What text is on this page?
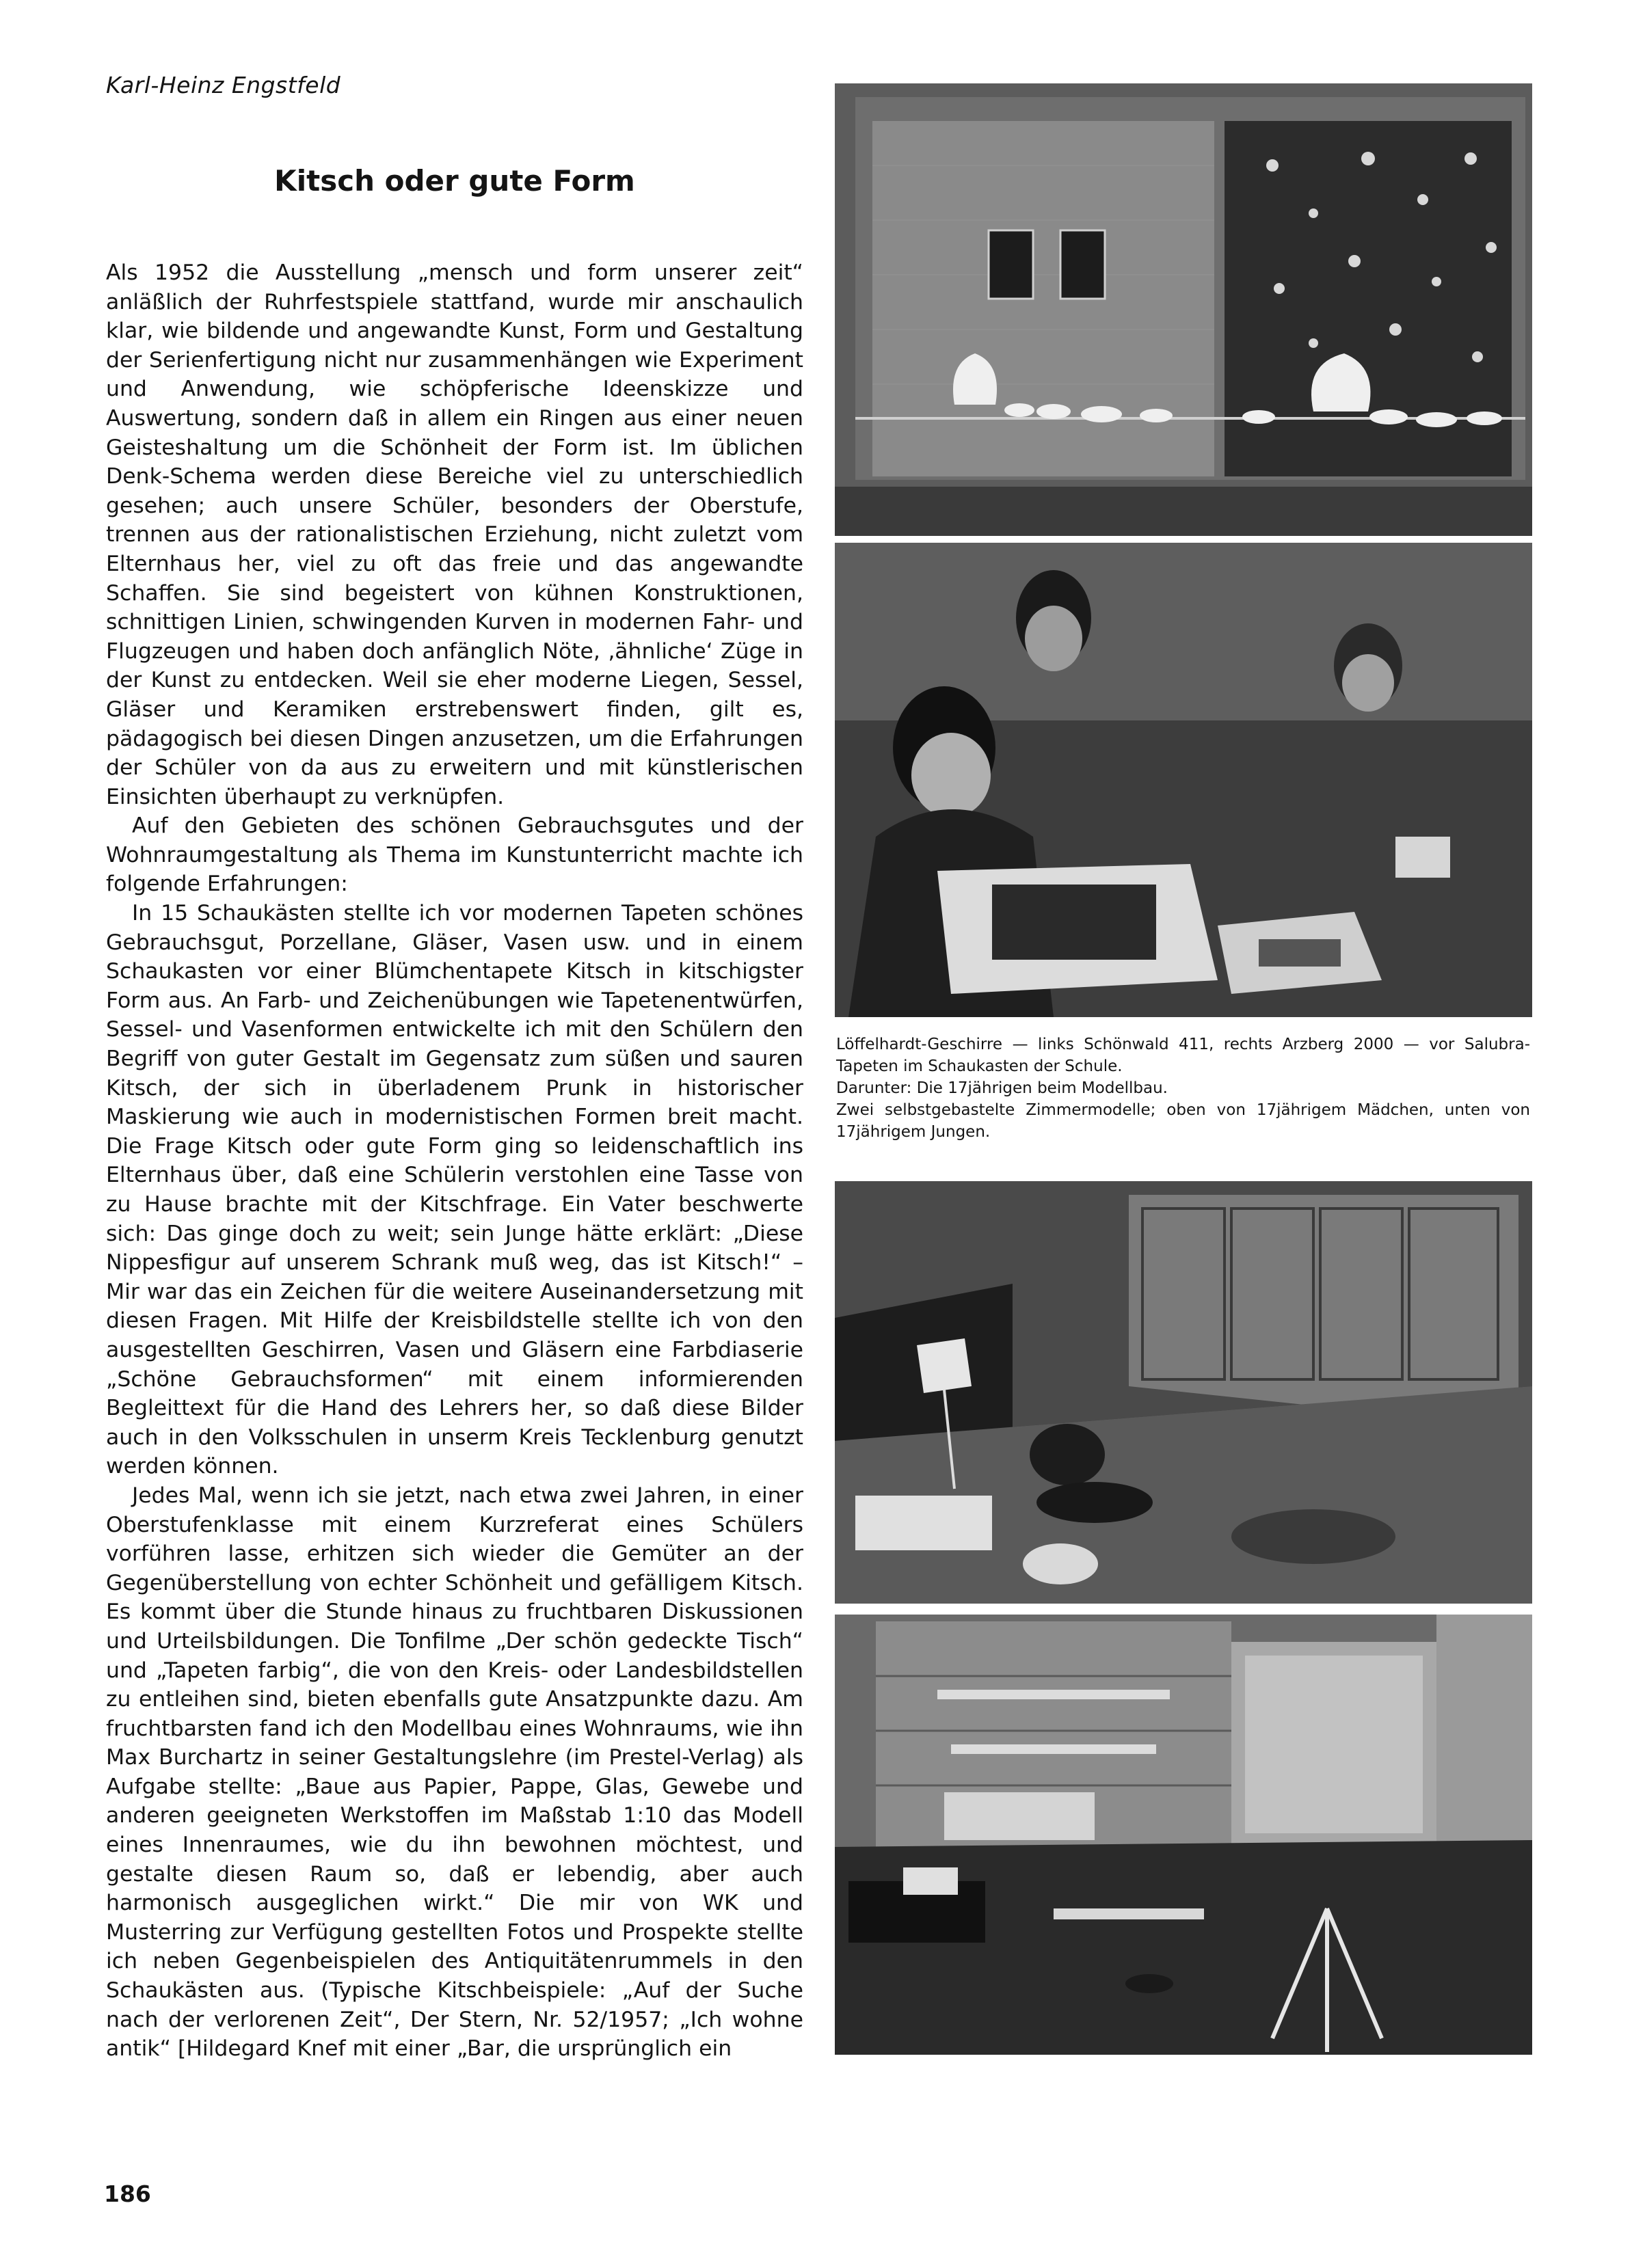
Karl-Heinz Engstfeld
Kitsch oder gute Form

Als 1952 die Ausstellung „mensch und form unserer zeit“ anläßlich der Ruhrfestspiele stattfand, wurde mir anschaulich klar, wie bildende und angewandte Kunst, Form und Gestaltung der Serienfertigung nicht nur zusammenhängen wie Experiment und Anwendung, wie schöpferische Ideenskizze und Auswertung, sondern daß in allem ein Ringen aus einer neuen Geisteshaltung um die Schönheit der Form ist. Im üblichen Denk-Schema werden diese Bereiche viel zu unterschiedlich gesehen; auch unsere Schüler, besonders der Oberstufe, trennen aus der rationalistischen Erziehung, nicht zuletzt vom Elternhaus her, viel zu oft das freie und das angewandte Schaffen. Sie sind begeistert von kühnen Konstruktionen, schnittigen Linien, schwingenden Kurven in modernen Fahr- und Flugzeugen und haben doch anfänglich Nöte, ‚ähnliche‘ Züge in der Kunst zu entdecken. Weil sie eher moderne Liegen, Sessel, Gläser und Keramiken erstrebenswert finden, gilt es, pädagogisch bei diesen Dingen anzusetzen, um die Erfahrungen der Schüler von da aus zu erweitern und mit künstlerischen Einsichten überhaupt zu verknüpfen.

Auf den Gebieten des schönen Gebrauchsgutes und der Wohnraumgestaltung als Thema im Kunstunterricht machte ich folgende Erfahrungen:

In 15 Schaukästen stellte ich vor modernen Tapeten schönes Gebrauchsgut, Porzellane, Gläser, Vasen usw. und in einem Schaukasten vor einer Blümchentapete Kitsch in kitschigster Form aus. An Farb- und Zeichenübungen wie Tapetenentwürfen, Sessel- und Vasenformen entwickelte ich mit den Schülern den Begriff von guter Gestalt im Gegensatz zum süßen und sauren Kitsch, der sich in überladenem Prunk in historischer Maskierung wie auch in modernistischen Formen breit macht. Die Frage Kitsch oder gute Form ging so leidenschaftlich ins Elternhaus über, daß eine Schülerin verstohlen eine Tasse von zu Hause brachte mit der Kitschfrage. Ein Vater beschwerte sich: Das ginge doch zu weit; sein Junge hätte erklärt: „Diese Nippesfigur auf unserem Schrank muß weg, das ist Kitsch!“ – Mir war das ein Zeichen für die weitere Auseinandersetzung mit diesen Fragen. Mit Hilfe der Kreisbildstelle stellte ich von den ausgestellten Geschirren, Vasen und Gläsern eine Farbdiaserie „Schöne Gebrauchsformen“ mit einem informierenden Begleittext für die Hand des Lehrers her, so daß diese Bilder auch in den Volksschulen in unserm Kreis Tecklenburg genutzt werden können.

Jedes Mal, wenn ich sie jetzt, nach etwa zwei Jahren, in einer Oberstufenklasse mit einem Kurzreferat eines Schülers vorführen lasse, erhitzen sich wieder die Gemüter an der Gegenüberstellung von echter Schönheit und gefälligem Kitsch. Es kommt über die Stunde hinaus zu fruchtbaren Diskussionen und Urteilsbildungen. Die Tonfilme „Der schön gedeckte Tisch“ und „Tapeten farbig“, die von den Kreis- oder Landesbildstellen zu entleihen sind, bieten ebenfalls gute Ansatzpunkte dazu. Am fruchtbarsten fand ich den Modellbau eines Wohnraums, wie ihn Max Burchartz in seiner Gestaltungslehre (im Prestel-Verlag) als Aufgabe stellte: „Baue aus Papier, Pappe, Glas, Gewebe und anderen geeigneten Werkstoffen im Maßstab 1:10 das Modell eines Innenraumes, wie du ihn bewohnen möchtest, und gestalte diesen Raum so, daß er lebendig, aber auch harmonisch ausgeglichen wirkt.“ Die mir von WK und Musterring zur Verfügung gestellten Fotos und Prospekte stellte ich neben Gegenbeispielen des Antiquitätenrummels in den Schaukästen aus. (Typische Kitschbeispiele: „Auf der Suche nach der verlorenen Zeit“, Der Stern, Nr. 52/1957; „Ich wohne antik“ [Hildegard Knef mit einer „Bar, die ursprünglich ein

Löffelhardt-Geschirre — links Schönwald 411, rechts Arzberg 2000 — vor Salubra-Tapeten im Schaukasten der Schule.
Darunter: Die 17jährigen beim Modellbau.
Zwei selbstgebastelte Zimmermodelle; oben von 17jährigem Mädchen, unten von 17jährigem Jungen.
186
